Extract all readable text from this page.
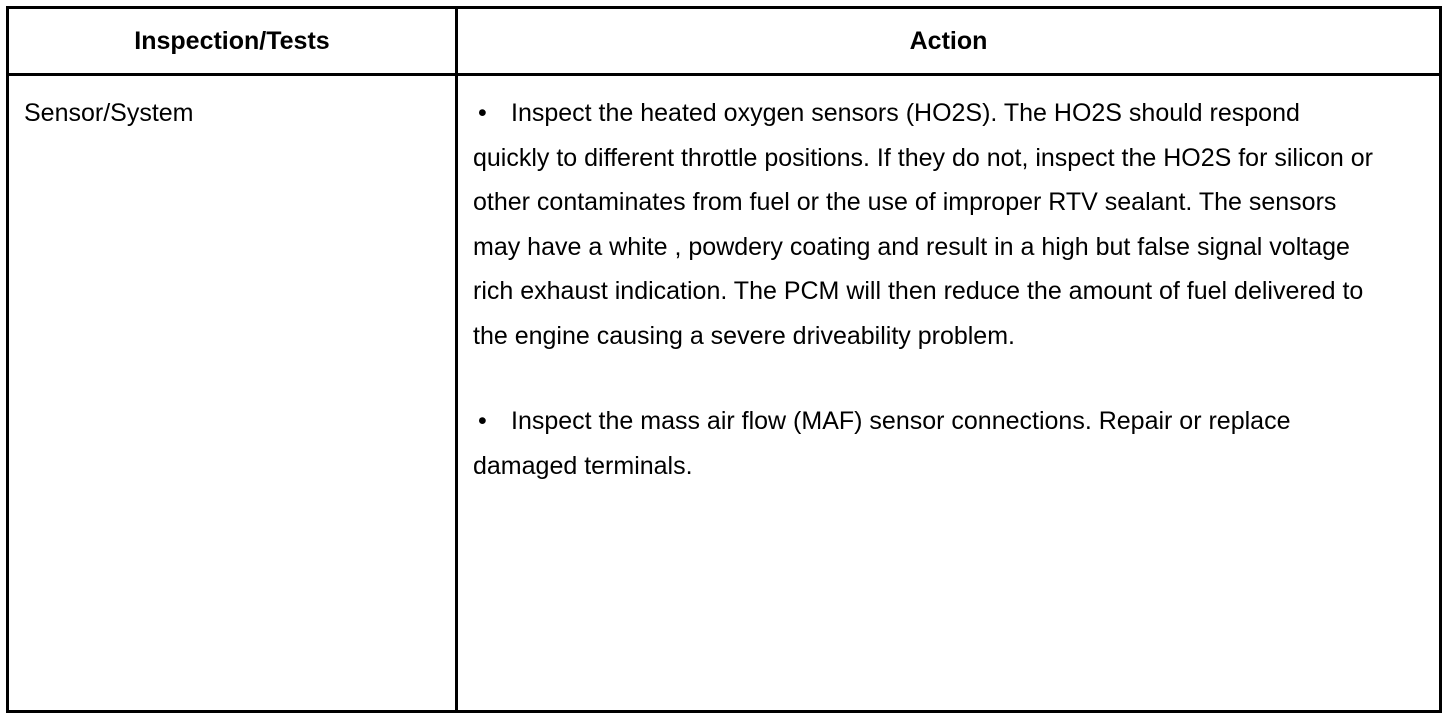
Inspection/Tests	Action
Sensor/System	• Inspect the heated oxygen sensors (HO2S). The HO2S should respond quickly to different throttle positions. If they do not, inspect the HO2S for silicon or other contaminates from fuel or the use of improper RTV sealant. The sensors may have a white , powdery coating and result in a high but false signal voltage rich exhaust indication. The PCM will then reduce the amount of fuel delivered to the engine causing a severe driveability problem.
• Inspect the mass air flow (MAF) sensor connections. Repair or replace damaged terminals.
